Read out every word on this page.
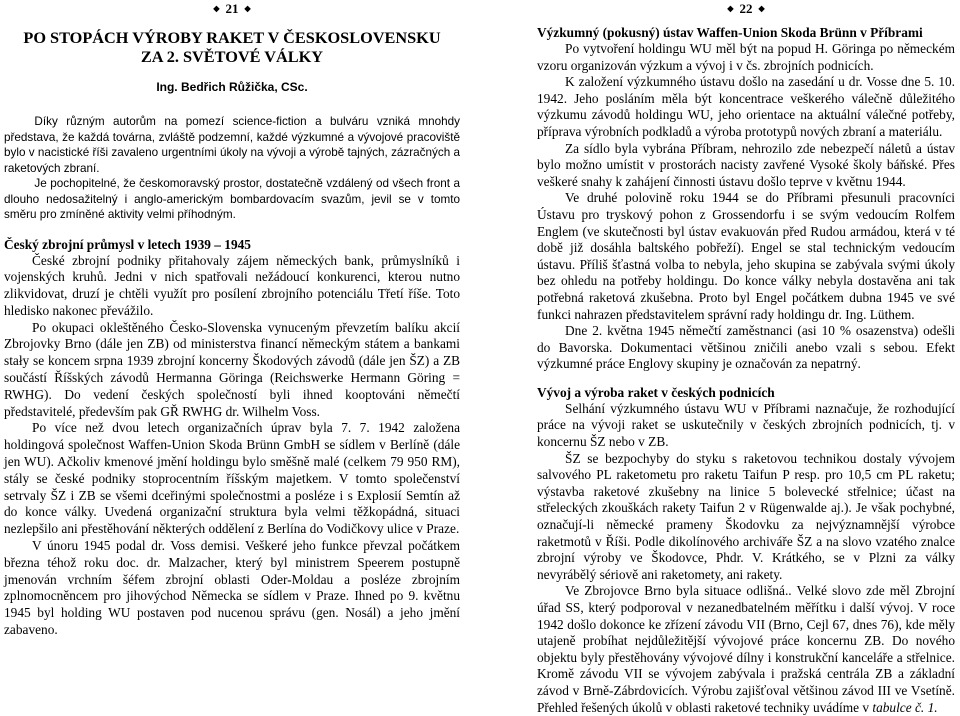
◆ 21 ◆
PO STOPÁCH VÝROBY RAKET V ČESKOSLOVENSKU
ZA 2. SVĚTOVÉ VÁLKY
Ing. Bedřich Růžička, CSc.

Díky různým autorům na pomezí science-fiction a bulváru vzniká mnohdy představa, že každá továrna, zvláště podzemní, každé výzkumné a vývojové pracoviště bylo v nacistické říši zavaleno urgentními úkoly na vývoji a výrobě tajných, zázračných a raketových zbraní.

Je pochopitelné, že českomoravský prostor, dostatečně vzdálený od všech front a dlouho nedosažitelný i anglo-americkým bombardovacím svazům, jevil se v tomto směru pro zmíněné aktivity velmi příhodným.

Český zbrojní průmysl v letech 1939 – 1945

České zbrojní podniky přitahovaly zájem německých bank, průmyslníků i vojenských kruhů. Jedni v nich spatřovali nežádoucí konkurenci, kterou nutno zlikvidovat, druzí je chtěli využít pro posílení zbrojního potenciálu Třetí říše. Toto hledisko nakonec převážilo.

Po okupaci okleštěného Česko-Slovenska vynuceným převzetím balíku akcií Zbrojovky Brno (dále jen ZB) od ministerstva financí německým státem a bankami stały se koncem srpna 1939 zbrojní koncerny Škodových závodů (dále jen ŠZ) a ZB součástí Říšských závodů Hermanna Göringa (Reichswerke Hermann Göring = RWHG). Do vedení českých společností byli ihned kooptováni němečtí představitelé, především pak GŘ RWHG dr. Wilhelm Voss.

Po více než dvou letech organizačních úprav byla 7. 7. 1942 založena holdingová společnost Waffen-Union Skoda Brünn GmbH se sídlem v Berlíně (dále jen WU). Ačkoliv kmenové jmění holdingu bylo směšně malé (celkem 79 950 RM), stály se české podniky stoprocentním říšským majetkem. V tomto společenství setrvaly ŠZ i ZB se všemi dceřinými společnostmi a posléze i s Explosií Semtín až do konce války. Uvedená organizační struktura byla velmi těžkopádná, situaci nezlepšilo ani přestěhování některých oddělení z Berlína do Vodičkovy ulice v Praze.

V únoru 1945 podal dr. Voss demisi. Veškeré jeho funkce převzal počátkem března téhož roku doc. dr. Malzacher, který byl ministrem Speerem postupně jmenován vrchním šéfem zbrojní oblasti Oder-Moldau a posléze zbrojním zplnomocněncem pro jihovýchod Německa se sídlem v Praze. Ihned po 9. květnu 1945 byl holding WU postaven pod nucenou správu (gen. Nosál) a jeho jmění zabaveno.

◆ 22 ◆
Výzkumný (pokusný) ústav Waffen-Union Skoda Brünn v Příbrami

Po vytvoření holdingu WU měl být na popud H. Göringa po německém vzoru organizován výzkum a vývoj i v čs. zbrojních podnicích.

K založení výzkumného ústavu došlo na zasedání u dr. Vosse dne 5. 10. 1942. Jeho posláním měla být koncentrace veškerého válečně důležitého výzkumu závodů holdingu WU, jeho orientace na aktuální válečné potřeby, příprava výrobních podkladů a výroba prototypů nových zbraní a materiálu.

Za sídlo byla vybrána Příbram, nehrozilo zde nebezpečí náletů a ústav bylo možno umístit v prostorách nacisty zavřené Vysoké školy báňské. Přes veškeré snahy k zahájení činnosti ústavu došlo teprve v květnu 1944.

Ve druhé polovině roku 1944 se do Příbrami přesunuli pracovníci Ústavu pro tryskový pohon z Grossendorfu i se svým vedoucím Rolfem Englem (ve skutečnosti byl ústav evakuován před Rudou armádou, která v té době již dosáhla baltského pobřeží). Engel se stal technickým vedoucím ústavu. Příliš šťastná volba to nebyla, jeho skupina se zabývala svými úkoly bez ohledu na potřeby holdingu. Do konce války nebyla dostavěna ani tak potřebná raketová zkušebna. Proto byl Engel počátkem dubna 1945 ve své funkci nahrazen představitelem správní rady holdingu dr. Ing. Lüthem.

Dne 2. května 1945 němečtí zaměstnanci (asi 10 % osazenstva) odešli do Bavorska. Dokumentaci většinou zničili anebo vzali s sebou. Efekt výzkumné práce Englovy skupiny je označován za nepatrný.

Vývoj a výroba raket v českých podnicích

Selhání výzkumného ústavu WU v Příbrami naznačuje, že rozhodující práce na vývoji raket se uskutečnily v českých zbrojních podnicích, tj. v koncernu ŠZ nebo v ZB.

ŠZ se bezpochyby do styku s raketovou technikou dostaly vývojem salvového PL raketometu pro raketu Taifun P resp. pro 10,5 cm PL raketu; výstavba raketové zkušebny na linice 5 bolevecké střelnice; účast na střeleckých zkouškách rakety Taifun 2 v Rügenwalde aj.). Je však pochybné, označují-li německé prameny Škodovku za nejvýznamnější výrobce raketmotů v Říši. Podle dikolínového archiváře ŠZ a na slovo vzatého znalce zbrojní výroby ve Škodovce, Phdr. V. Krátkého, se v Plzni za války nevyrábělý sériově ani raketomety, ani rakety.

Ve Zbrojovce Brno byla situace odlišná.. Velké slovo zde měl Zbrojní úřad SS, který podporoval v nezanedbatelném měřítku i další vývoj. V roce 1942 došlo dokonce ke zřízení závodu VII (Brno, Cejl 67, dnes 76), kde měly utajeně probíhat nejdůležitější vývojové práce koncernu ZB. Do nového objektu byly přestěhovány vývojové dílny i konstrukční kanceláře a střelnice. Kromě závodu VII se vývojem zabývala i pražská centrála ZB a základní závod v Brně-Zábrdovicích. Výrobu zajišťoval většinou závod III ve Vsetíně. Přehled řešených úkolů v oblasti raketové techniky uvádíme v tabulce č. 1.
